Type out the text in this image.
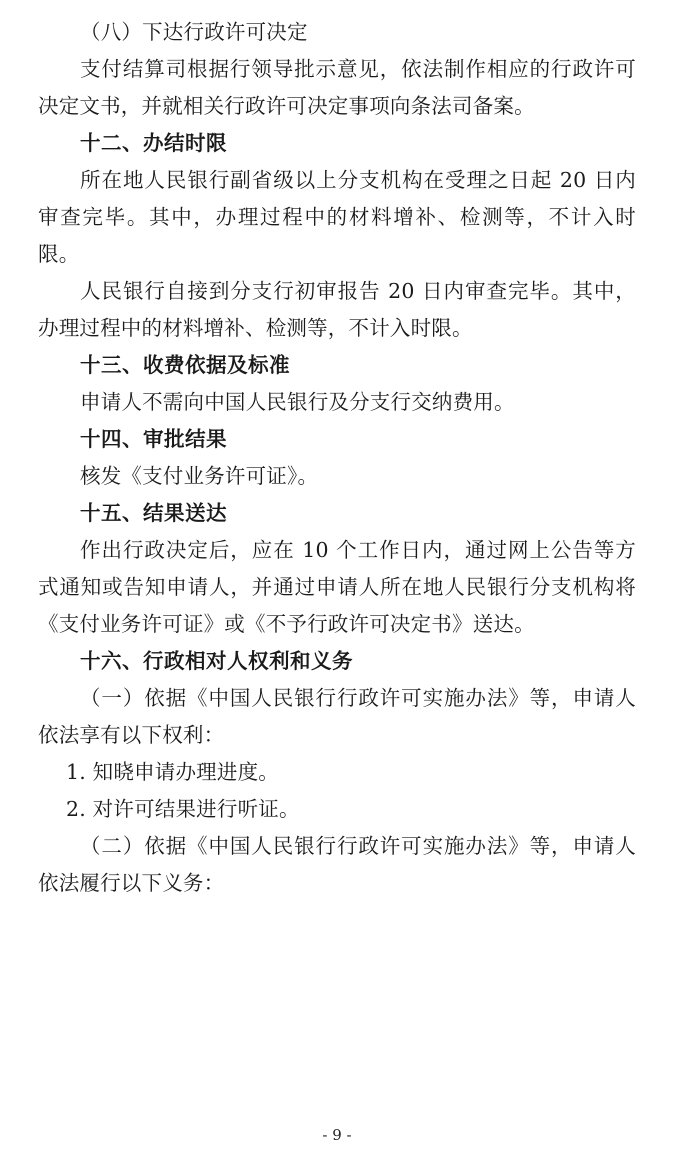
（八）下达行政许可决定

支付结算司根据行领导批示意见，依法制作相应的行政许可决定文书，并就相关行政许可决定事项向条法司备案。

十二、办结时限

所在地人民银行副省级以上分支机构在受理之日起 20 日内审查完毕。其中，办理过程中的材料增补、检测等，不计入时限。

人民银行自接到分支行初审报告 20 日内审查完毕。其中，办理过程中的材料增补、检测等，不计入时限。

十三、收费依据及标准

申请人不需向中国人民银行及分支行交纳费用。

十四、审批结果

核发《支付业务许可证》。

十五、结果送达

作出行政决定后，应在 10 个工作日内，通过网上公告等方式通知或告知申请人，并通过申请人所在地人民银行分支机构将《支付业务许可证》或《不予行政许可决定书》送达。

十六、行政相对人权利和义务

（一）依据《中国人民银行行政许可实施办法》等，申请人依法享有以下权利：

1. 知晓申请办理进度。

2. 对许可结果进行听证。

（二）依据《中国人民银行行政许可实施办法》等，申请人依法履行以下义务：

- 9 -
